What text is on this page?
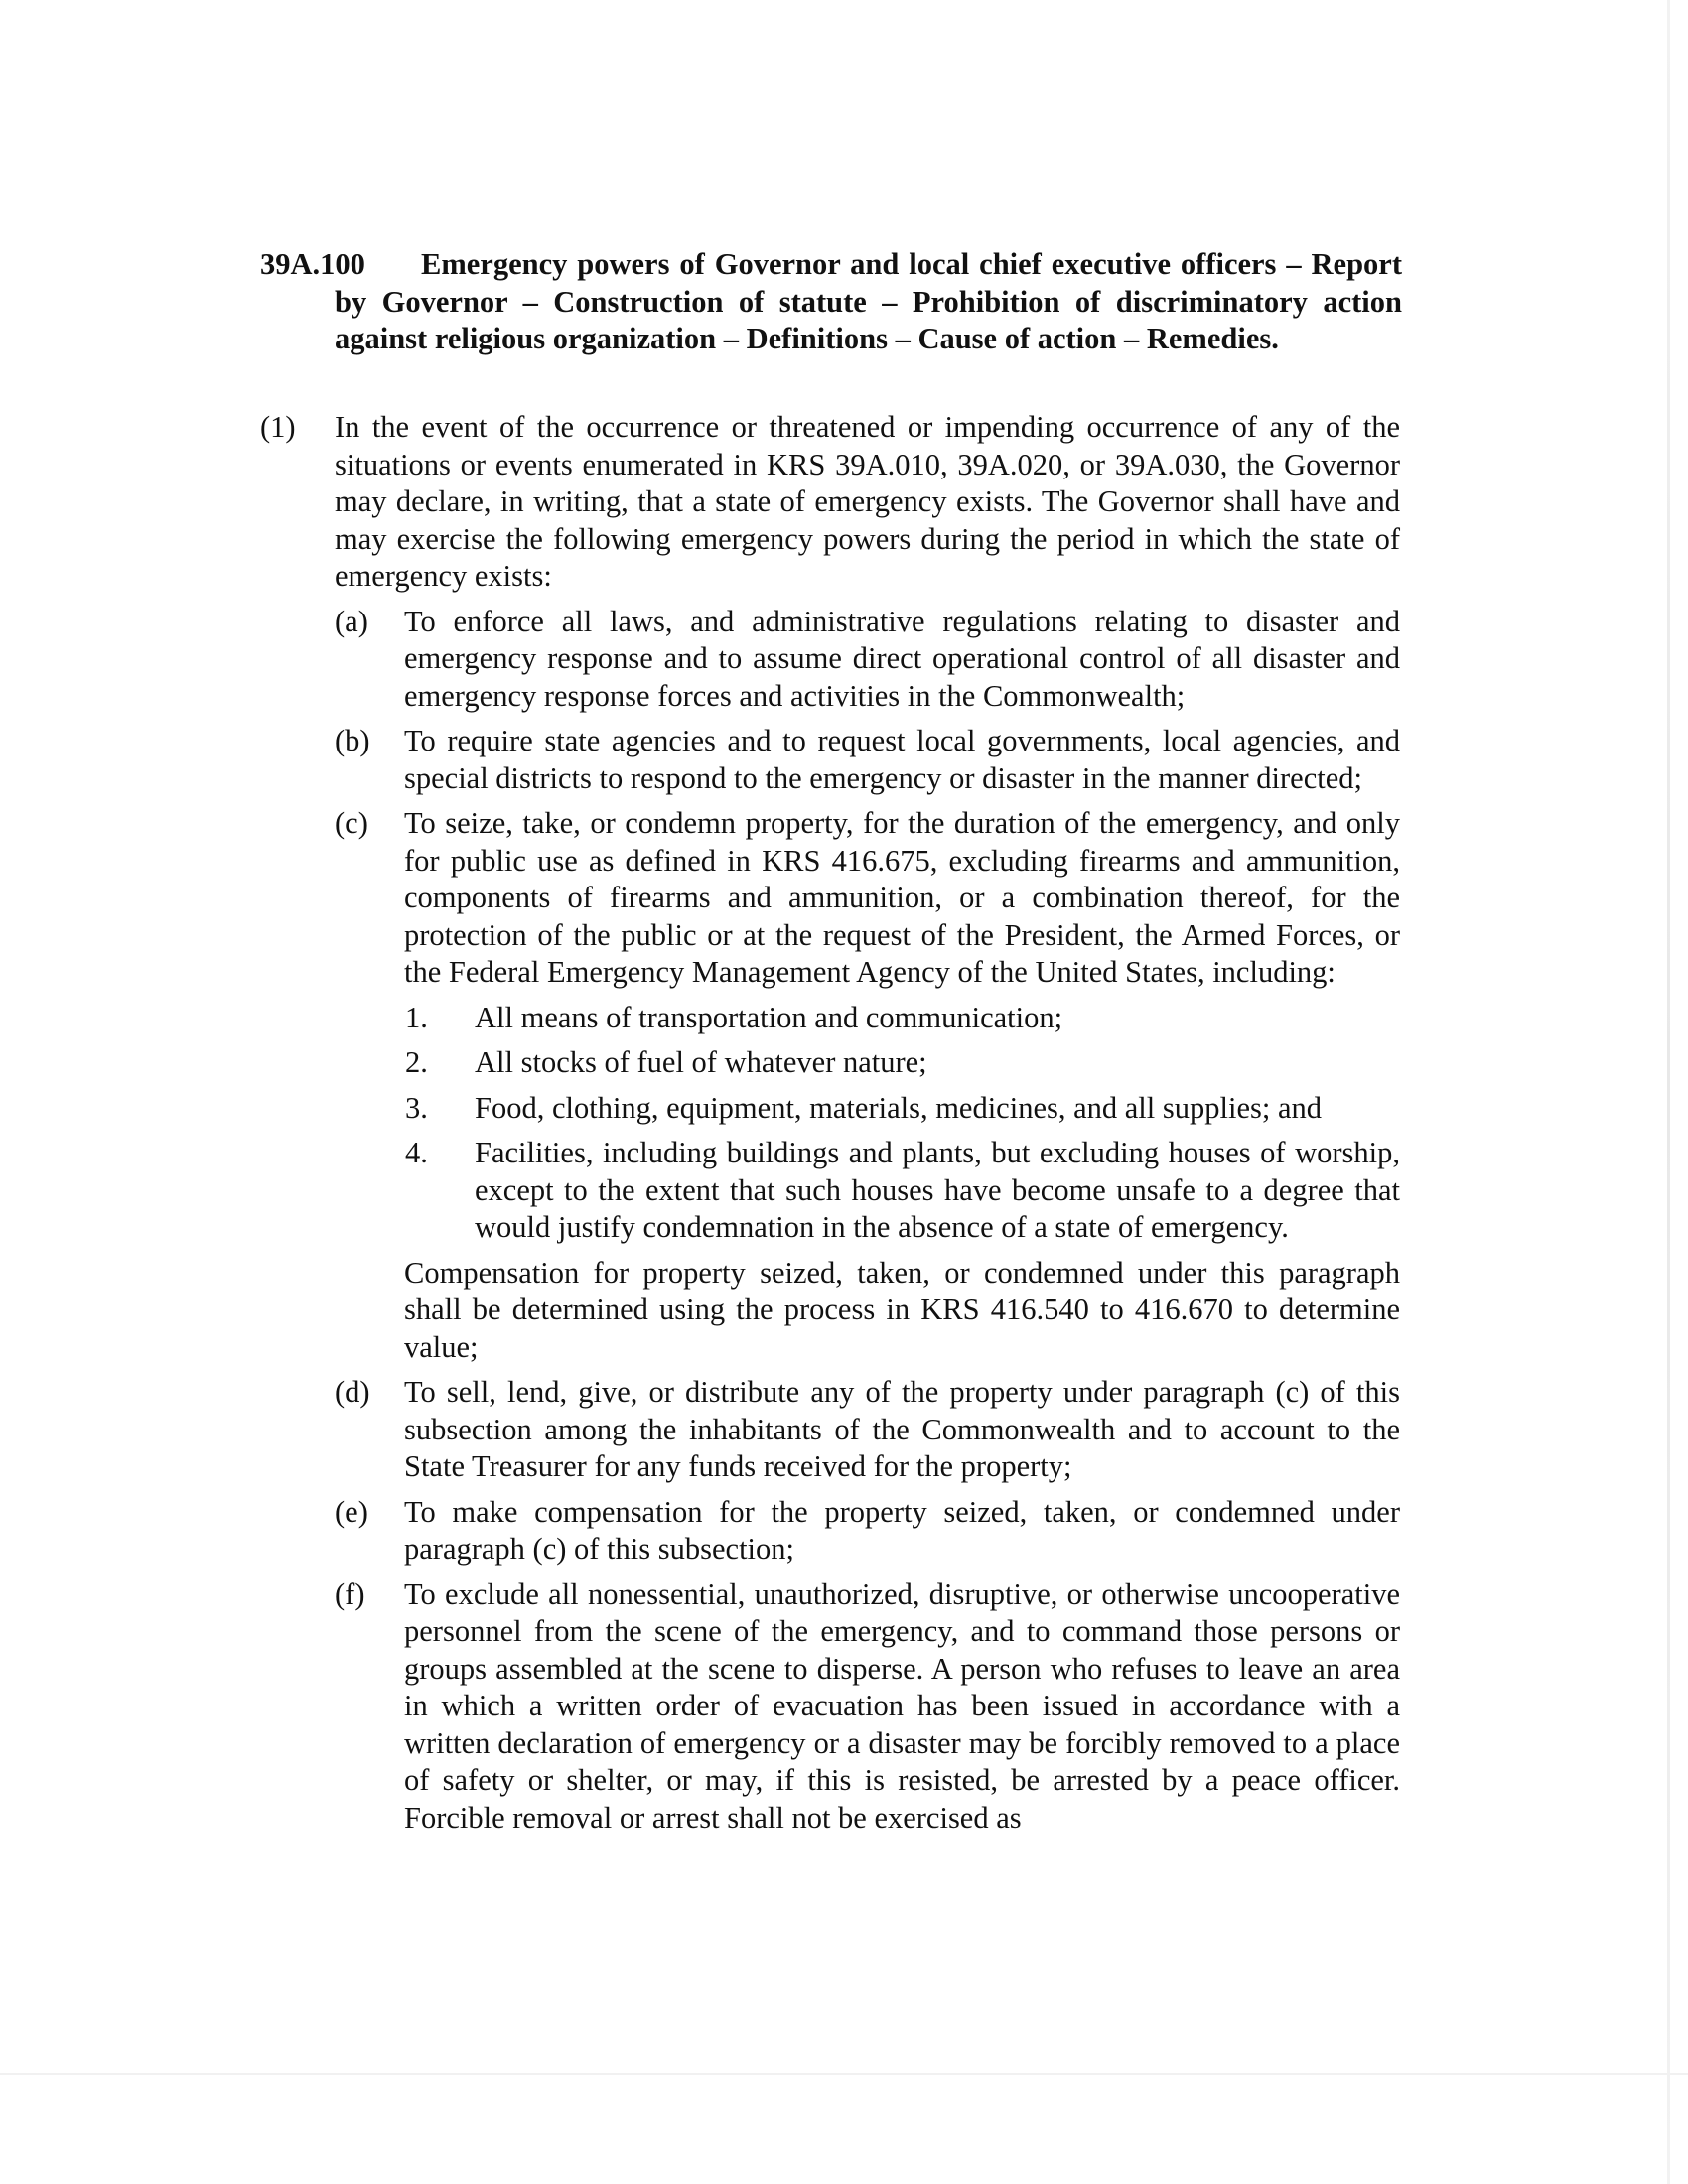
39A.100	Emergency powers of Governor and local chief executive officers – Report by Governor – Construction of statute – Prohibition of discriminatory action against religious organization – Definitions – Cause of action – Remedies.
(1) In the event of the occurrence or threatened or impending occurrence of any of the situations or events enumerated in KRS 39A.010, 39A.020, or 39A.030, the Governor may declare, in writing, that a state of emergency exists. The Governor shall have and may exercise the following emergency powers during the period in which the state of emergency exists:
(a) To enforce all laws, and administrative regulations relating to disaster and emergency response and to assume direct operational control of all disaster and emergency response forces and activities in the Commonwealth;
(b) To require state agencies and to request local governments, local agencies, and special districts to respond to the emergency or disaster in the manner directed;
(c) To seize, take, or condemn property, for the duration of the emergency, and only for public use as defined in KRS 416.675, excluding firearms and ammunition, components of firearms and ammunition, or a combination thereof, for the protection of the public or at the request of the President, the Armed Forces, or the Federal Emergency Management Agency of the United States, including:
1. All means of transportation and communication;
2. All stocks of fuel of whatever nature;
3. Food, clothing, equipment, materials, medicines, and all supplies; and
4. Facilities, including buildings and plants, but excluding houses of worship, except to the extent that such houses have become unsafe to a degree that would justify condemnation in the absence of a state of emergency.
Compensation for property seized, taken, or condemned under this paragraph shall be determined using the process in KRS 416.540 to 416.670 to determine value;
(d) To sell, lend, give, or distribute any of the property under paragraph (c) of this subsection among the inhabitants of the Commonwealth and to account to the State Treasurer for any funds received for the property;
(e) To make compensation for the property seized, taken, or condemned under paragraph (c) of this subsection;
(f) To exclude all nonessential, unauthorized, disruptive, or otherwise uncooperative personnel from the scene of the emergency, and to command those persons or groups assembled at the scene to disperse. A person who refuses to leave an area in which a written order of evacuation has been issued in accordance with a written declaration of emergency or a disaster may be forcibly removed to a place of safety or shelter, or may, if this is resisted, be arrested by a peace officer. Forcible removal or arrest shall not be exercised as
